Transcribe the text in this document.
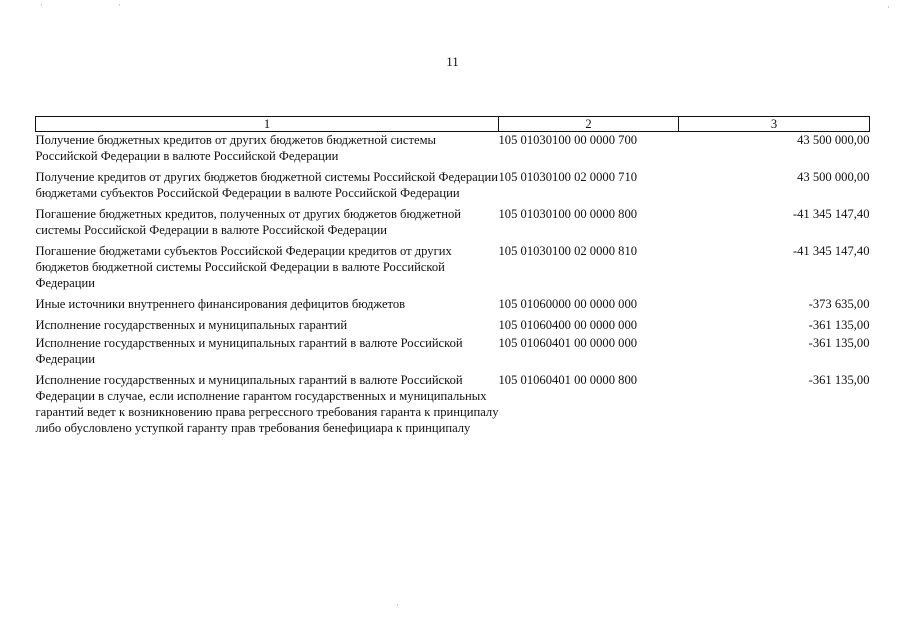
11
1	2	3
Получение бюджетных кредитов от других бюджетов бюджетной системы Российской Федерации в валюте Российской Федерации	105 01030100 00 0000 700	43 500 000,00
Получение кредитов от других бюджетов бюджетной системы Российской Федерации бюджетами субъектов Российской Федерации в валюте Российской Федерации	105 01030100 02 0000 710	43 500 000,00
Погашение бюджетных кредитов, полученных от других бюджетов бюджетной системы Российской Федерации в валюте Российской Федерации	105 01030100 00 0000 800	-41 345 147,40
Погашение бюджетами субъектов Российской Федерации кредитов от других бюджетов бюджетной системы Российской Федерации в валюте Российской Федерации	105 01030100 02 0000 810	-41 345 147,40
Иные источники внутреннего финансирования дефицитов бюджетов	105 01060000 00 0000 000	-373 635,00
Исполнение государственных и муниципальных гарантий	105 01060400 00 0000 000	-361 135,00
Исполнение государственных и муниципальных гарантий в валюте Российской Федерации	105 01060401 00 0000 000	-361 135,00
Исполнение государственных и муниципальных гарантий в валюте Российской Федерации в случае, если исполнение гарантом государственных и муниципальных гарантий ведет к возникновению права регрессного требования гаранта к принципалу либо обусловлено уступкой гаранту прав требования бенефициара к принципалу	105 01060401 00 0000 800	-361 135,00
·	·	·
·
